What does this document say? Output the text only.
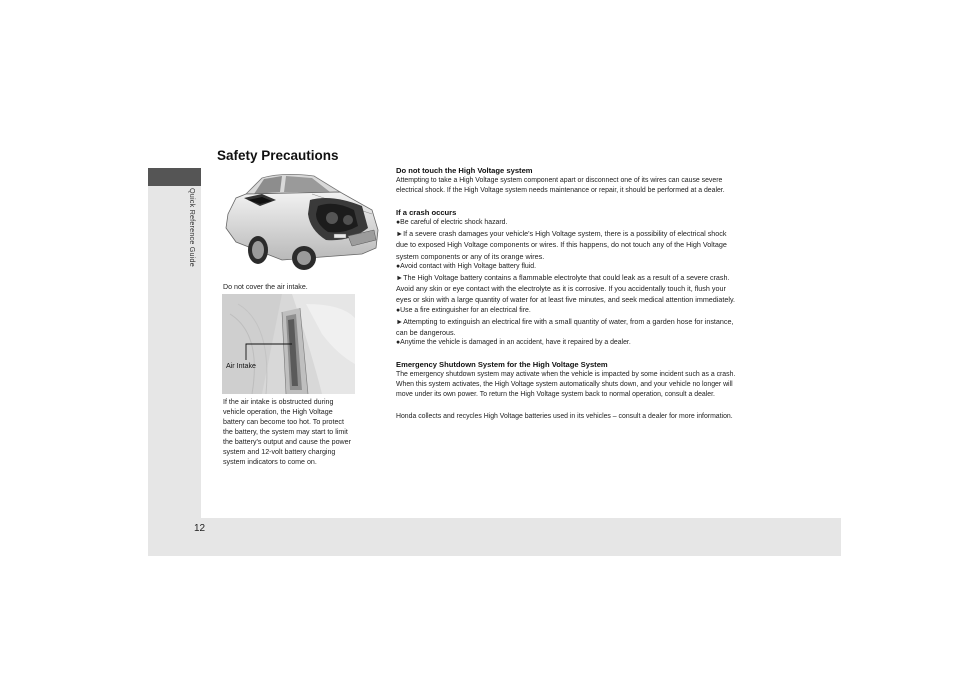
Quick Reference Guide
12
Safety Precautions
Do not cover the air intake.
Air Intake
If the air intake is obstructed during vehicle operation, the High Voltage battery can become too hot. To protect the battery, the system may start to limit the battery's output and cause the power system and 12-volt battery charging system indicators to come on.

Do not touch the High Voltage system

Attempting to take a High Voltage system component apart or disconnect one of its wires can cause severe electrical shock. If the High Voltage system needs maintenance or repair, it should be performed at a dealer.

If a crash occurs

●Be careful of electric shock hazard.

►If a severe crash damages your vehicle's High Voltage system, there is a possibility of electrical shock due to exposed High Voltage components or wires. If this happens, do not touch any of the High Voltage system components or any of its orange wires.

●Avoid contact with High Voltage battery fluid.

►The High Voltage battery contains a flammable electrolyte that could leak as a result of a severe crash. Avoid any skin or eye contact with the electrolyte as it is corrosive. If you accidentally touch it, flush your eyes or skin with a large quantity of water for at least five minutes, and seek medical attention immediately.

●Use a fire extinguisher for an electrical fire.

►Attempting to extinguish an electrical fire with a small quantity of water, from a garden hose for instance, can be dangerous.

●Anytime the vehicle is damaged in an accident, have it repaired by a dealer.

Emergency Shutdown System for the High Voltage System

The emergency shutdown system may activate when the vehicle is impacted by some incident such as a crash. When this system activates, the High Voltage system automatically shuts down, and your vehicle no longer will move under its own power. To return the High Voltage system back to normal operation, consult a dealer.

Honda collects and recycles High Voltage batteries used in its vehicles – consult a dealer for more information.
